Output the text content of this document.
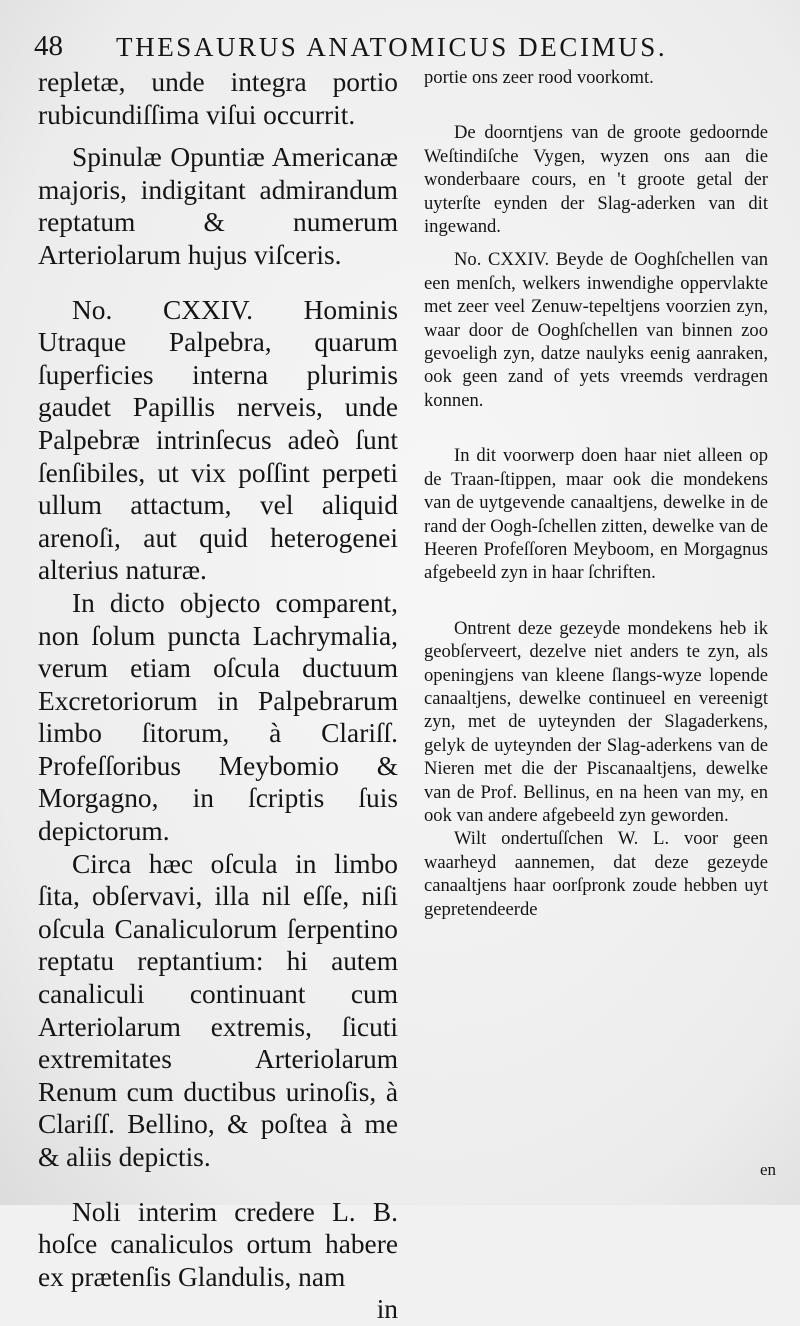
48 THESAURUS ANATOMICUS DECIMUS.

repletæ, unde integra portio rubicundiſſima viſui occurrit.

Spinulæ Opuntiæ Americanæ majoris, indigitant admirandum reptatum & numerum Arteriolarum hujus viſceris.

No. CXXIV. Hominis Utraque Palpebra, quarum ſuperficies interna plurimis gaudet Papillis nerveis, unde Palpebræ intrinſecus adeò ſunt ſenſibiles, ut vix poſſint perpeti ullum attactum, vel aliquid arenoſi, aut quid heterogenei alterius naturæ.

In dicto objecto comparent, non ſolum puncta Lachrymalia, verum etiam oſcula ductuum Excretoriorum in Palpebrarum limbo ſitorum, à Clariſſ. Profeſſoribus Meybomio & Morgagno, in ſcriptis ſuis depictorum.

Circa hæc oſcula in limbo ſita, obſervavi, illa nil eſſe, niſi oſcula Canaliculorum ſerpentino reptatu reptantium: hi autem canaliculi continuant cum Arteriolarum extremis, ſicuti extremitates Arteriolarum Renum cum ductibus urinoſis, à Clariſſ. Bellino, & poſtea à me & aliis depictis.

Noli interim credere L. B. hoſce canaliculos ortum habere ex prætenſis Glandulis, nam

in

portie ons zeer rood voorkomt.

De doorntjens van de groote gedoornde Weſtindiſche Vygen, wyzen ons aan die wonderbaare cours, en 't groote getal der uyterſte eynden der Slag-aderken van dit ingewand.

No. CXXIV. Beyde de Ooghſchellen van een menſch, welkers inwendighe oppervlakte met zeer veel Zenuw-tepeltjens voorzien zyn, waar door de Ooghſchellen van binnen zoo gevoeligh zyn, datze naulyks eenig aanraken, ook geen zand of yets vreemds verdragen konnen.

In dit voorwerp doen haar niet alleen op de Traan-ſtippen, maar ook die mondekens van de uytgevende canaaltjens, dewelke in de rand der Oogh-ſchellen zitten, dewelke van de Heeren Profeſſoren Meyboom, en Morgagnus afgebeeld zyn in haar ſchriften.

Ontrent deze gezeyde mondekens heb ik geobſerveert, dezelve niet anders te zyn, als openingjens van kleene ſlangs-wyze lopende canaaltjens, dewelke continueel en vereenigt zyn, met de uyteynden der Slagaderkens, gelyk de uyteynden der Slag-aderkens van de Nieren met die der Piscanaaltjens, dewelke van de Prof. Bellinus, en na heen van my, en ook van andere afgebeeld zyn geworden.

Wilt ondertuſſchen W. L. voor geen waarheyd aannemen, dat deze gezeyde canaaltjens haar oorſpronk zoude hebben uyt gepretendeerde

en
